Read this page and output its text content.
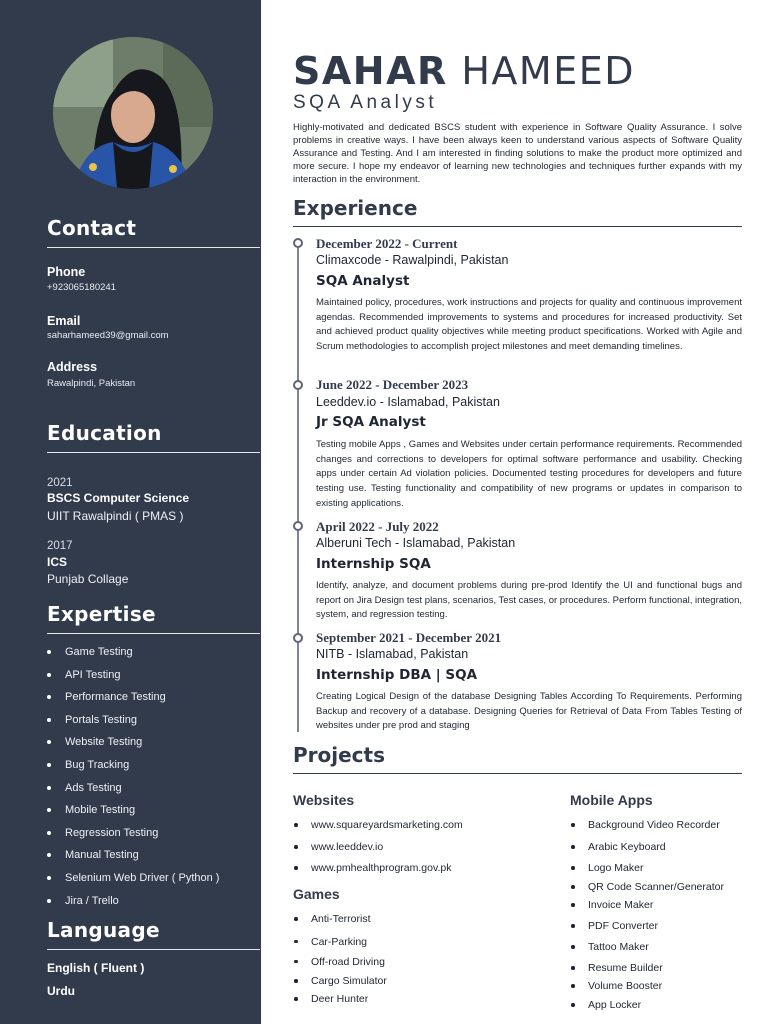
Contact
Phone
+923065180241
Email
saharhameed39@gmail.com
Address
Rawalpindi, Pakistan
Education
2021
BSCS Computer Science
UIIT Rawalpindi ( PMAS )
2017
ICS
Punjab Collage
Expertise
Game Testing
API Testing
Performance Testing
Portals Testing
Website Testing
Bug Tracking
Ads Testing
Mobile Testing
Regression Testing
Manual Testing
Selenium Web Driver ( Python )
Jira / Trello
Language
English ( Fluent )
Urdu
SAHAR HAMEED
SQA Analyst
Highly-motivated and dedicated BSCS student with experience in Software Quality Assurance. I solve problems in creative ways. I have been always keen to understand various aspects of Software Quality Assurance and Testing. And I am interested in finding solutions to make the product more optimized and more secure. I hope my endeavor of learning new technologies and techniques further expands with my interaction in the environment.
Experience
December 2022 - Current
Climaxcode - Rawalpindi, Pakistan
SQA Analyst
Maintained policy, procedures, work instructions and projects for quality and continuous improvement agendas. Recommended improvements to systems and procedures for increased productivity. Set and achieved product quality objectives while meeting product specifications. Worked with Agile and Scrum methodologies to accomplish project milestones and meet demanding timelines.
June 2022 - December 2023
Leeddev.io - Islamabad, Pakistan
Jr SQA Analyst
Testing mobile Apps , Games and Websites under certain performance requirements. Recommended changes and corrections to developers for optimal software performance and usability. Checking apps under certain Ad violation policies. Documented testing procedures for developers and future testing use. Testing functionality and compatibility of new programs or updates in comparison to existing applications.
April 2022 - July 2022
Alberuni Tech - Islamabad, Pakistan
Internship SQA
Identify, analyze, and document problems during pre-prod Identify the UI and functional bugs and report on Jira Design test plans, scenarios, Test cases, or procedures. Perform functional, integration, system, and regression testing.
September 2021 - December 2021
NITB - Islamabad, Pakistan
Internship DBA | SQA
Creating Logical Design of the database Designing Tables According To Requirements. Performing Backup and recovery of a database. Designing Queries for Retrieval of Data From Tables Testing of websites under pre prod and staging
Projects
Websites
www.squareyardsmarketing.com
www.leeddev.io
www.pmhealthprogram.gov.pk
Games
Anti-Terrorist
Car-Parking
Off-road Driving
Cargo Simulator
Deer Hunter
Mobile Apps
Background Video Recorder
Arabic Keyboard
Logo Maker
QR Code Scanner/Generator
Invoice Maker
PDF Converter
Tattoo Maker
Resume Builder
Volume Booster
App Locker
